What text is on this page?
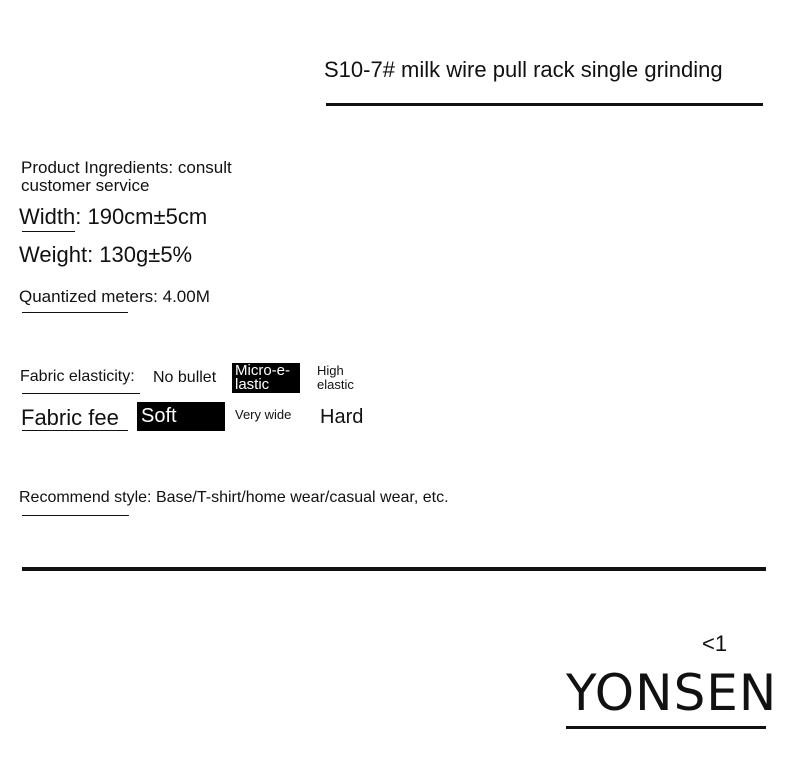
S10-7# milk wire pull rack single grinding
Product Ingredients: consult customer service
Width: 190cm±5cm
Weight: 130g±5%
Quantized meters: 4.00M
Fabric elasticity: No bullet Micro-e-lastic
High elastic
Fabric fee Soft	Very wide Hard
Recommend style: Base/T-shirt/home wear/casual wear, etc.
<1
YONSEN
